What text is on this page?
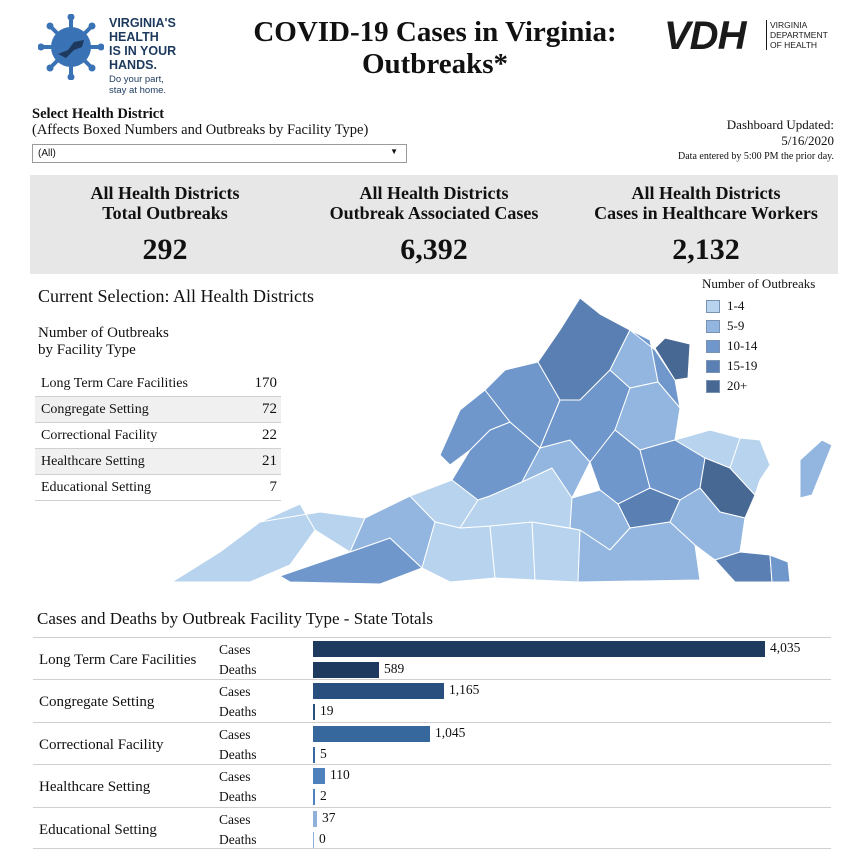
VIRGINIA'S
HEALTH
IS IN YOUR
HANDS.
Do your part,
stay at home.
COVID-19 Cases in Virginia:
Outbreaks*
VDH	VIRGINIA
DEPARTMENT
OF HEALTH
Select Health District
(Affects Boxed Numbers and Outbreaks by Facility Type)
(All)	▼
Dashboard Updated:
5/16/2020
Data entered by 5:00 PM the prior day.
All Health Districts
Total Outbreaks
292
All Health Districts
Outbreak Associated Cases
6,392
All Health Districts
Cases in Healthcare Workers
2,132
Current Selection: All Health Districts
Number of Outbreaks
by Facility Type
Long Term Care Facilities	170
Congregate Setting	72
Correctional Facility	22
Healthcare Setting	21
Educational Setting	7
Number of Outbreaks
1-4
5-9
10-14
15-19
20+
Cases and Deaths by Outbreak Facility Type - State Totals
Long Term Care Facilities
Cases	4,035
Deaths	589
Congregate Setting
Cases	1,165
Deaths	19
Correctional Facility
Cases	1,045
Deaths	5
Healthcare Setting
Cases	110
Deaths	2
Educational Setting
Cases	37
Deaths	0
